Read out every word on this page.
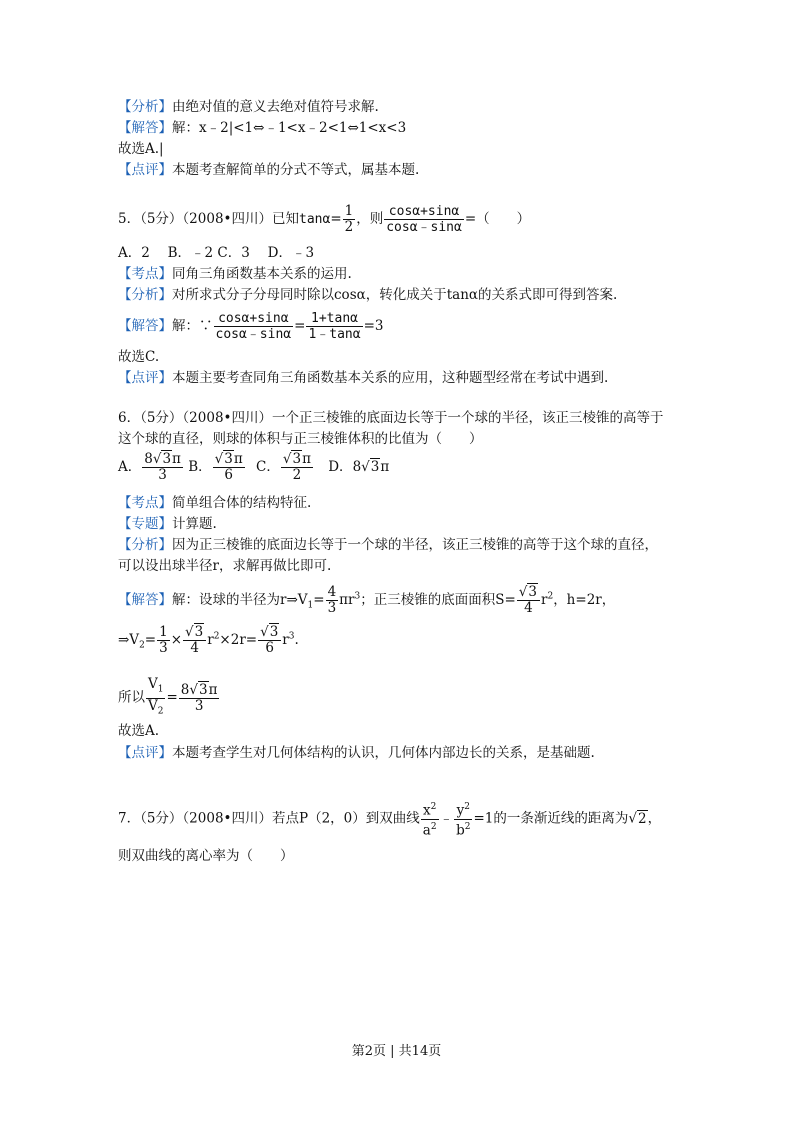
【分析】由绝对值的意义去绝对值符号求解.
【解答】解：x﹣2|<1⇔﹣1<x﹣2<1⇔1<x<3
故选A.|
【点评】本题考查解简单的分式不等式，属基本题.
5．（5分）（2008•四川）已知$\tan\alpha= \frac{1}{2}$ ，则 $\frac{\cos\alpha+\sin\alpha}{\cos\alpha﹣\sin\alpha}$ =（　　）
A．2　 B．﹣2 C．3　 D．﹣3
【考点】同角三角函数基本关系的运用.
【分析】对所求式分子分母同时除以cosα，转化成关于tanα的关系式即可得到答案.
【解答】解：∵ $\frac{\cos\alpha+\sin\alpha}{\cos\alpha﹣\sin\alpha} = \frac{1+\tan\alpha}{1﹣\tan\alpha} =3$
故选C.
【点评】本题主要考查同角三角函数基本关系的应用，这种题型经常在考试中遇到.
6．（5分）（2008•四川）一个正三棱锥的底面边长等于一个球的半径，该正三棱锥的高等于
这个球的直径，则球的体积与正三棱锥体积的比值为（　　）
A． $\frac{8√3\pi}{3}$ B． $\frac{√3\pi}{6}$ C． $\frac{√3\pi}{2}$ D．8√3π
【考点】简单组合体的结构特征.
【专题】计算题.
【分析】因为正三棱锥的底面边长等于一个球的半径，该正三棱锥的高等于这个球的直径，
可以设出球半径r，求解再做比即可.
【解答】解：设球的半径为$r\Rightarrow V_1= \frac{4}{3} \pi r^3$；正三棱锥的底面面积$S= \frac{√3}{4} r^2$，h=2r，
$\Rightarrow V_2= \frac{1}{3} \times \frac{√3}{4} r^2\times 2r= \frac{√3}{6} r^3$.
所以 $\frac{V_1}{V_2} = \frac{8√3\pi}{3}$
故选A.
【点评】本题考查学生对几何体结构的认识，几何体内部边长的关系，是基础题.
7．（5分）（2008•四川）若点P（2，0）到双曲线 $\frac{x^2}{a^2}$ ﹣ $\frac{y^2}{b^2} =1$的一条渐近线的距离为√2，
则双曲线的离心率为（　　）
第2页 | 共14页
